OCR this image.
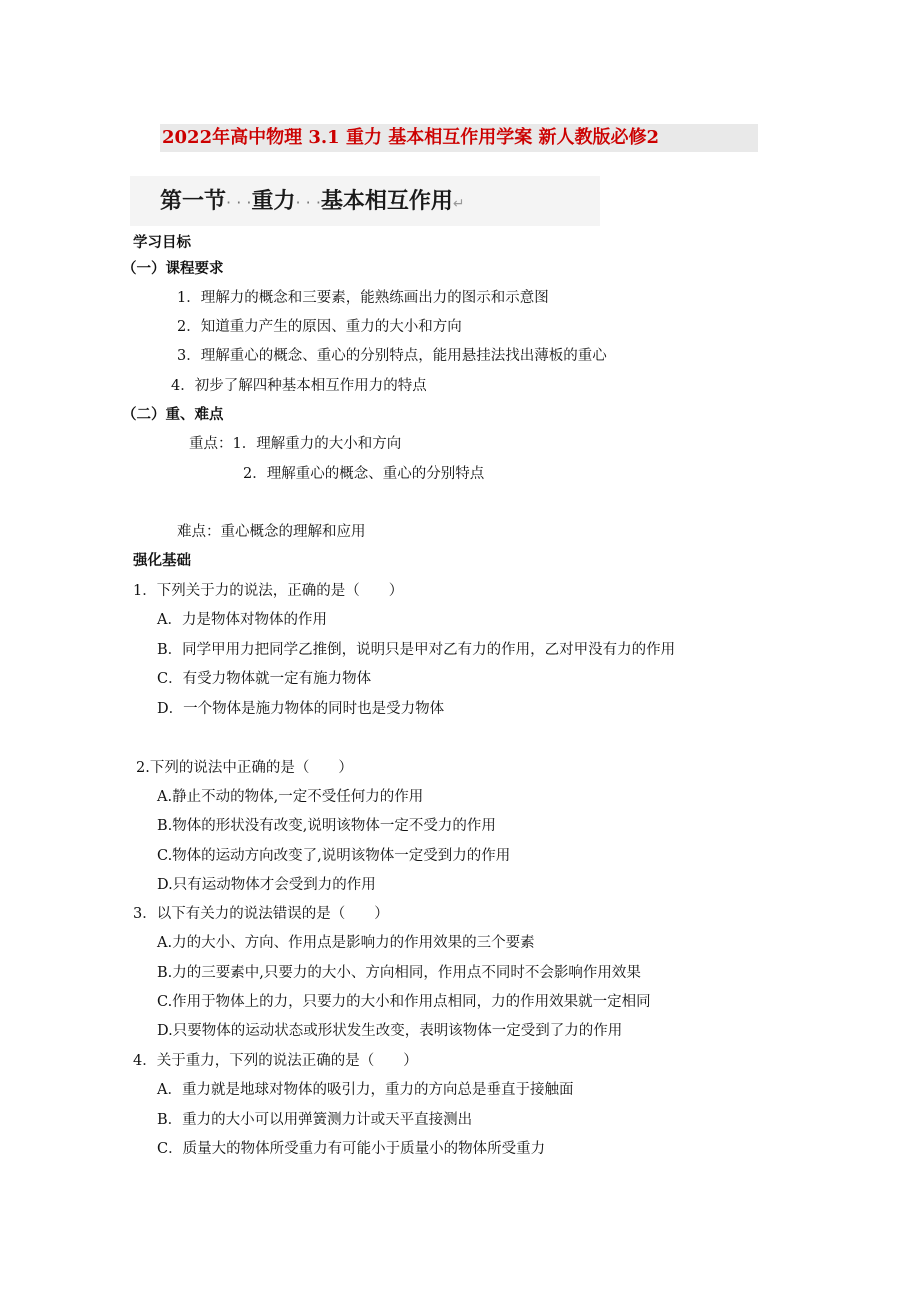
2022年高中物理 3.1 重力 基本相互作用学案 新人教版必修2
第一节· · ·重力· · ·基本相互作用↵
学习目标
（一）课程要求
1．理解力的概念和三要素，能熟练画出力的图示和示意图
2．知道重力产生的原因、重力的大小和方向
3．理解重心的概念、重心的分别特点，能用悬挂法找出薄板的重心
4．初步了解四种基本相互作用力的特点
（二）重、难点
重点：1．理解重力的大小和方向
2．理解重心的概念、重心的分别特点
难点：重心概念的理解和应用
强化基础
1．下列关于力的说法，正确的是（　　）
A．力是物体对物体的作用
B．同学甲用力把同学乙推倒，说明只是甲对乙有力的作用，乙对甲没有力的作用
C．有受力物体就一定有施力物体
D．一个物体是施力物体的同时也是受力物体
2.下列的说法中正确的是（　　）
A.静止不动的物体,一定不受任何力的作用
B.物体的形状没有改变,说明该物体一定不受力的作用
C.物体的运动方向改变了,说明该物体一定受到力的作用
D.只有运动物体才会受到力的作用
3．以下有关力的说法错误的是（　　）
A.力的大小、方向、作用点是影响力的作用效果的三个要素
B.力的三要素中,只要力的大小、方向相同，作用点不同时不会影响作用效果
C.作用于物体上的力，只要力的大小和作用点相同，力的作用效果就一定相同
D.只要物体的运动状态或形状发生改变，表明该物体一定受到了力的作用
4．关于重力，下列的说法正确的是（　　）
A．重力就是地球对物体的吸引力，重力的方向总是垂直于接触面
B．重力的大小可以用弹簧测力计或天平直接测出
C．质量大的物体所受重力有可能小于质量小的物体所受重力
